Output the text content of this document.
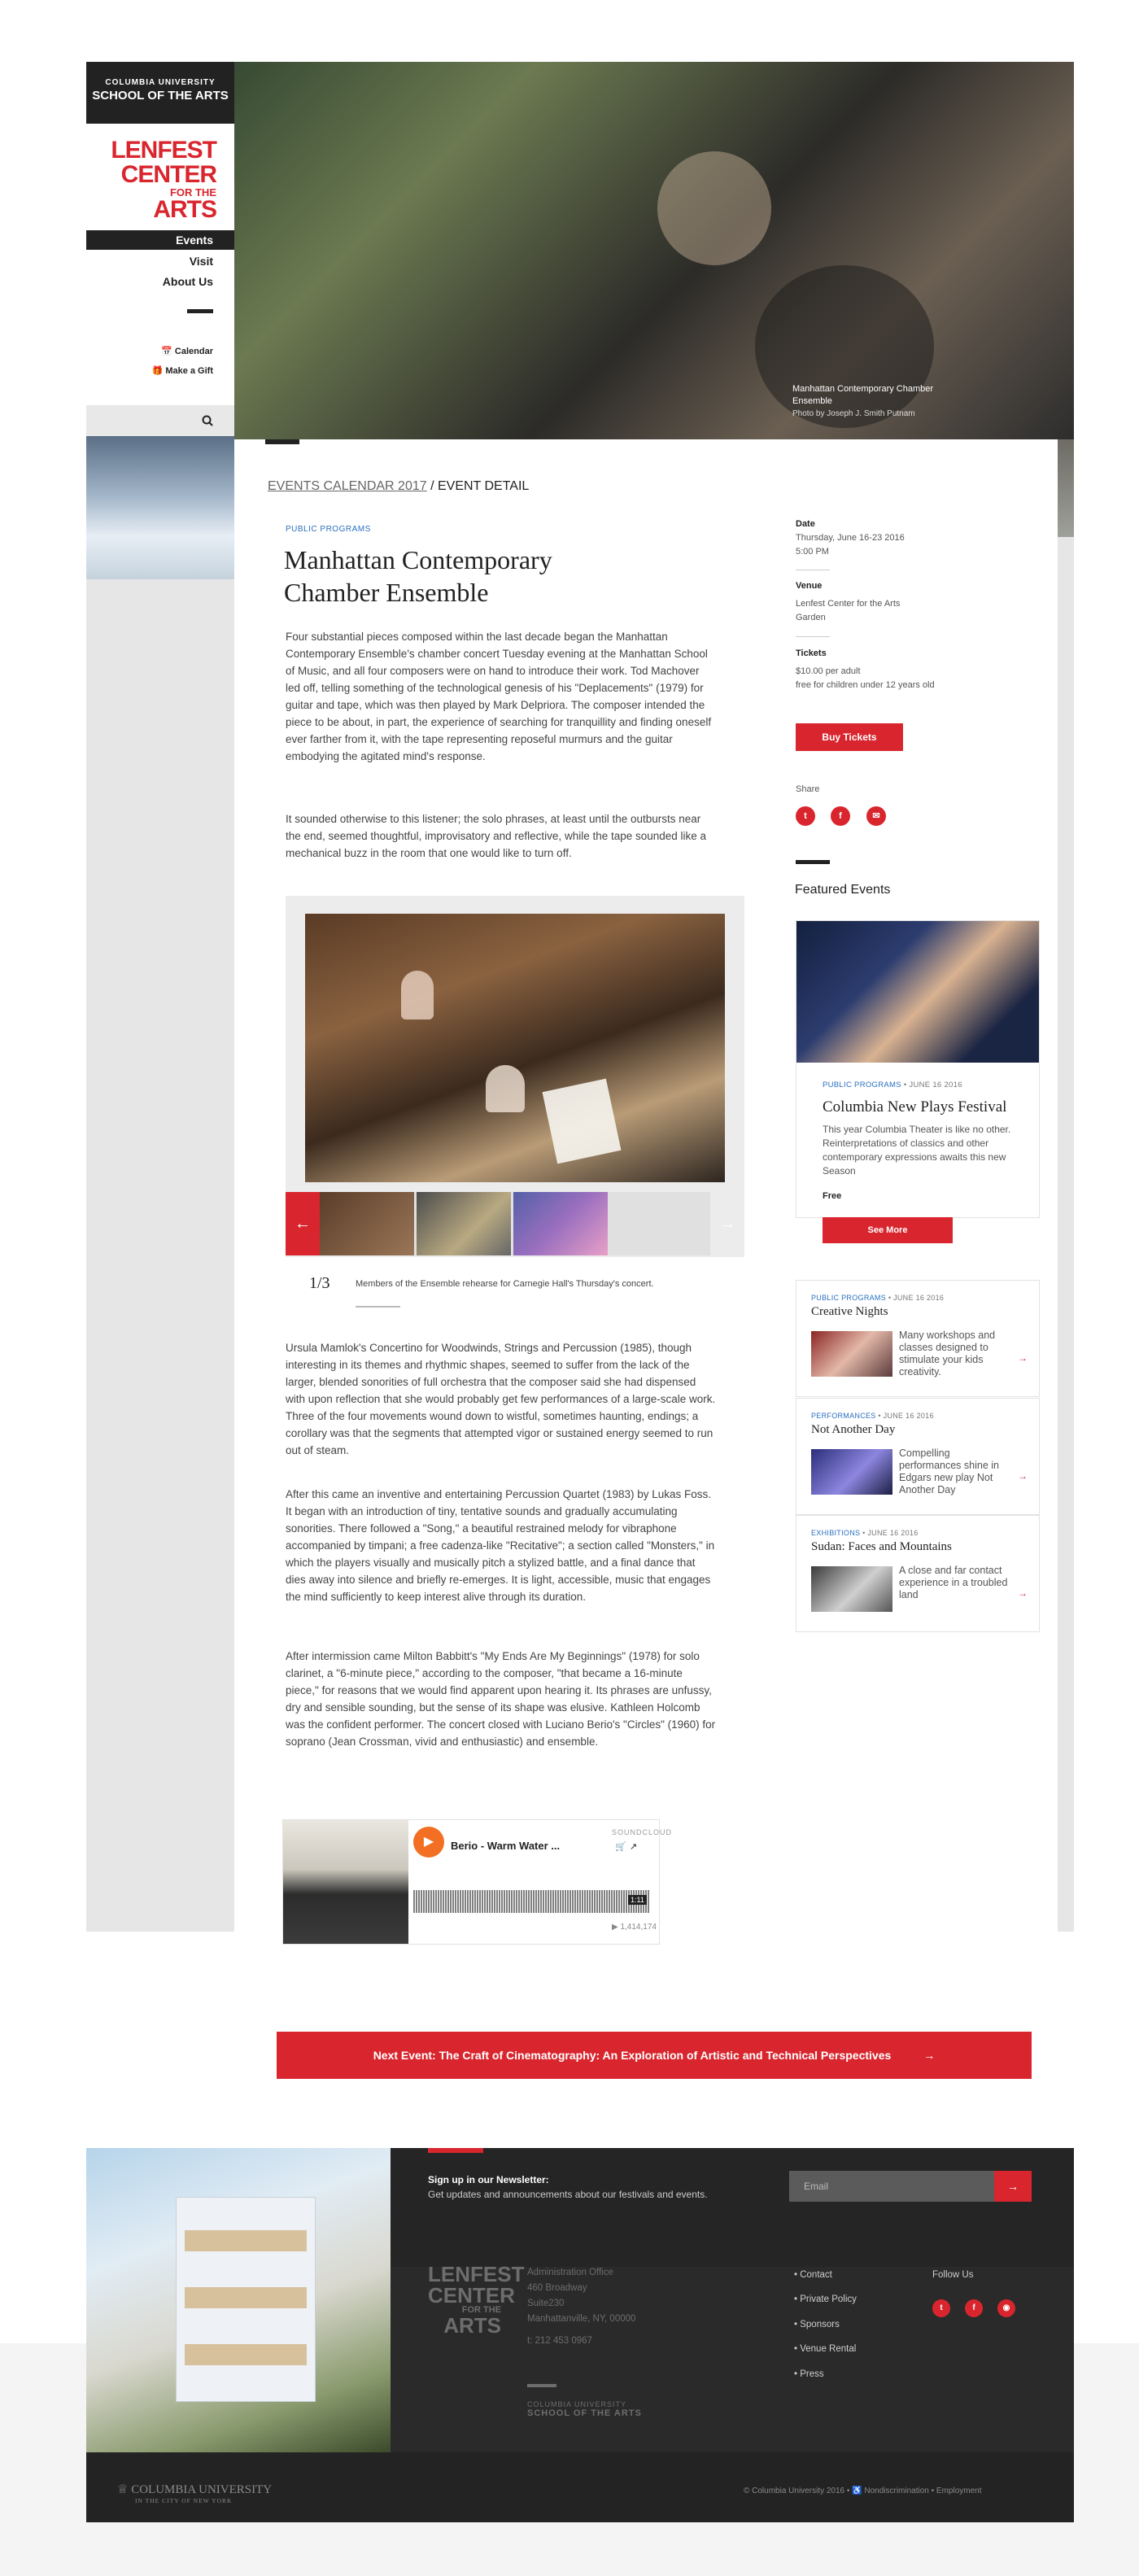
COLUMBIA UNIVERSITY
SCHOOL OF THE ARTS
LENFEST
CENTER
FOR THE
ARTS
Events
Visit
About Us
📅 Calendar
🎁 Make a Gift
Manhattan Contemporary Chamber
Ensemble
Photo by Joseph J. Smith Putnam
EVENTS CALENDAR 2017 / EVENT DETAIL
PUBLIC PROGRAMS
Manhattan Contemporary Chamber Ensemble
Four substantial pieces composed within the last decade began the Manhattan Contemporary Ensemble's chamber concert Tuesday evening at the Manhattan School of Music, and all four composers were on hand to introduce their work. Tod Machover led off, telling something of the technological genesis of his "Deplacements" (1979) for guitar and tape, which was then played by Mark Delpriora. The composer intended the piece to be about, in part, the experience of searching for tranquillity and finding oneself ever farther from it, with the tape representing reposeful murmurs and the guitar embodying the agitated mind's response.
It sounded otherwise to this listener; the solo phrases, at least until the outbursts near the end, seemed thoughtful, improvisatory and reflective, while the tape sounded like a mechanical buzz in the room that one would like to turn off.
←	→
1/3	Members of the Ensemble rehearse for Carnegie Hall's Thursday's concert.
Ursula Mamlok's Concertino for Woodwinds, Strings and Percussion (1985), though interesting in its themes and rhythmic shapes, seemed to suffer from the lack of the larger, blended sonorities of full orchestra that the composer said she had dispensed with upon reflection that she would probably get few performances of a large-scale work. Three of the four movements wound down to wistful, sometimes haunting, endings; a corollary was that the segments that attempted vigor or sustained energy seemed to run out of steam.
After this came an inventive and entertaining Percussion Quartet (1983) by Lukas Foss. It began with an introduction of tiny, tentative sounds and gradually accumulating sonorities. There followed a "Song," a beautiful restrained melody for vibraphone accompanied by timpani; a free cadenza-like "Recitative"; a section called "Monsters," in which the players visually and musically pitch a stylized battle, and a final dance that dies away into silence and briefly re-emerges. It is light, accessible, music that engages the mind sufficiently to keep interest alive through its duration.
After intermission came Milton Babbitt's "My Ends Are My Beginnings" (1978) for solo clarinet, a "6-minute piece," according to the composer, "that became a 16-minute piece," for reasons that we would find apparent upon hearing it. Its phrases are unfussy, dry and sensible sounding, but the sense of its shape was elusive. Kathleen Holcomb was the confident performer. The concert closed with Luciano Berio's "Circles" (1960) for soprano (Jean Crossman, vivid and enthusiastic) and ensemble.
▶	Berio - Warm Water ...
SOUNDCLOUD
🛒 ↗
1:11
▶ 1,414,174
Date
Thursday, June 16-23 2016
5:00 PM
Venue
Lenfest Center for the Arts
Garden
Tickets
$10.00 per adult
free for children under 12 years old
Buy Tickets
Share
t	f	✉
Featured Events
PUBLIC PROGRAMS • JUNE 16 2016
Columbia New Plays Festival
This year Columbia Theater is like no other. Reinterpretations of classics and other contemporary expressions awaits this new Season
Free
See More
PUBLIC PROGRAMS • JUNE 16 2016
Creative Nights
Many workshops and classes designed to stimulate your kids creativity.
→
PERFORMANCES • JUNE 16 2016
Not Another Day
Compelling performances shine in Edgars new play Not Another Day
→
EXHIBITIONS • JUNE 16 2016
Sudan: Faces and Mountains
A close and far contact experience in a troubled land	→
Next Event: The Craft of Cinematography: An Exploration of Artistic and Technical Perspectives	→
Sign up in our Newsletter:
Get updates and announcements about our festivals and events.
Email	→
LENFEST
CENTER
FOR THE
ARTS
Administration Office
460 Broadway
Suite230
Manhattanville, NY, 00000
t: 212 453 0967
COLUMBIA UNIVERSITY
SCHOOL OF THE ARTS
• Contact
• Private Policy
• Sponsors
• Venue Rental
• Press
Follow Us
t	f	◉
♕ COLUMBIA UNIVERSITY
IN THE CITY OF NEW YORK
© Columbia University 2016 • ♿ Nondiscrimination • Employment
